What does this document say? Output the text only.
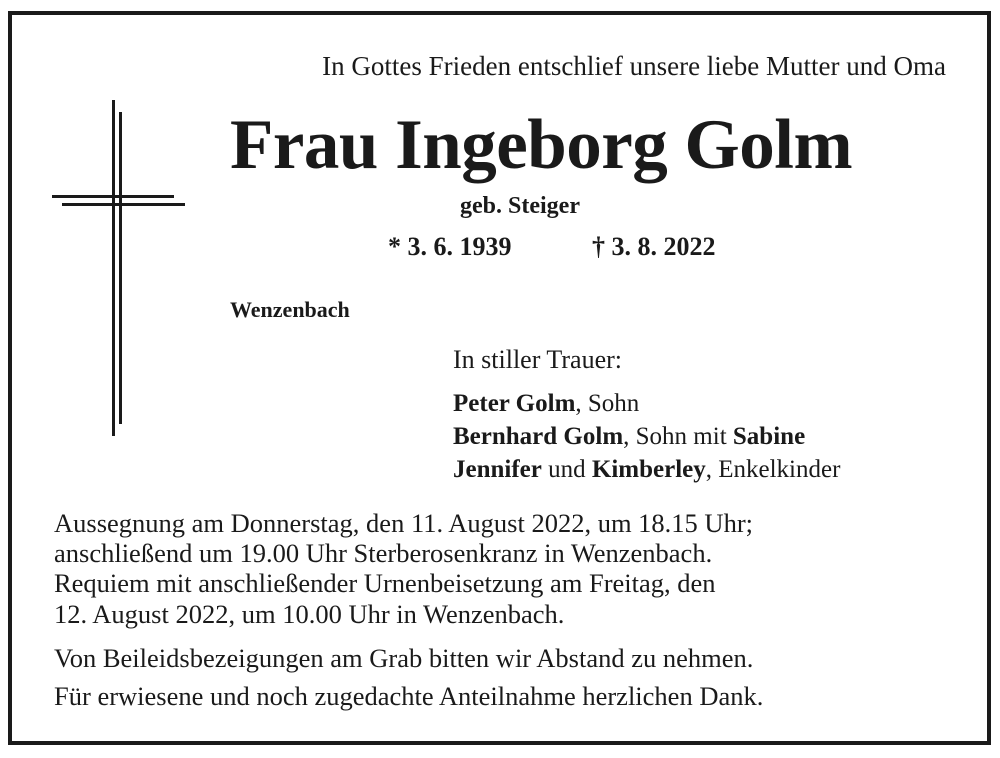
In Gottes Frieden entschlief unsere liebe Mutter und Oma
Frau Ingeborg Golm
geb. Steiger
* 3. 6. 1939	† 3. 8. 2022
Wenzenbach
In stiller Trauer:
Peter Golm, Sohn
Bernhard Golm, Sohn mit Sabine
Jennifer und Kimberley, Enkelkinder
Aussegnung am Donnerstag, den 11. August 2022, um 18.15 Uhr;
anschließend um 19.00 Uhr Sterberosenkranz in Wenzenbach.
Requiem mit anschließender Urnenbeisetzung am Freitag, den
12. August 2022, um 10.00 Uhr in Wenzenbach.
Von Beileidsbezeigungen am Grab bitten wir Abstand zu nehmen.
Für erwiesene und noch zugedachte Anteilnahme herzlichen Dank.
